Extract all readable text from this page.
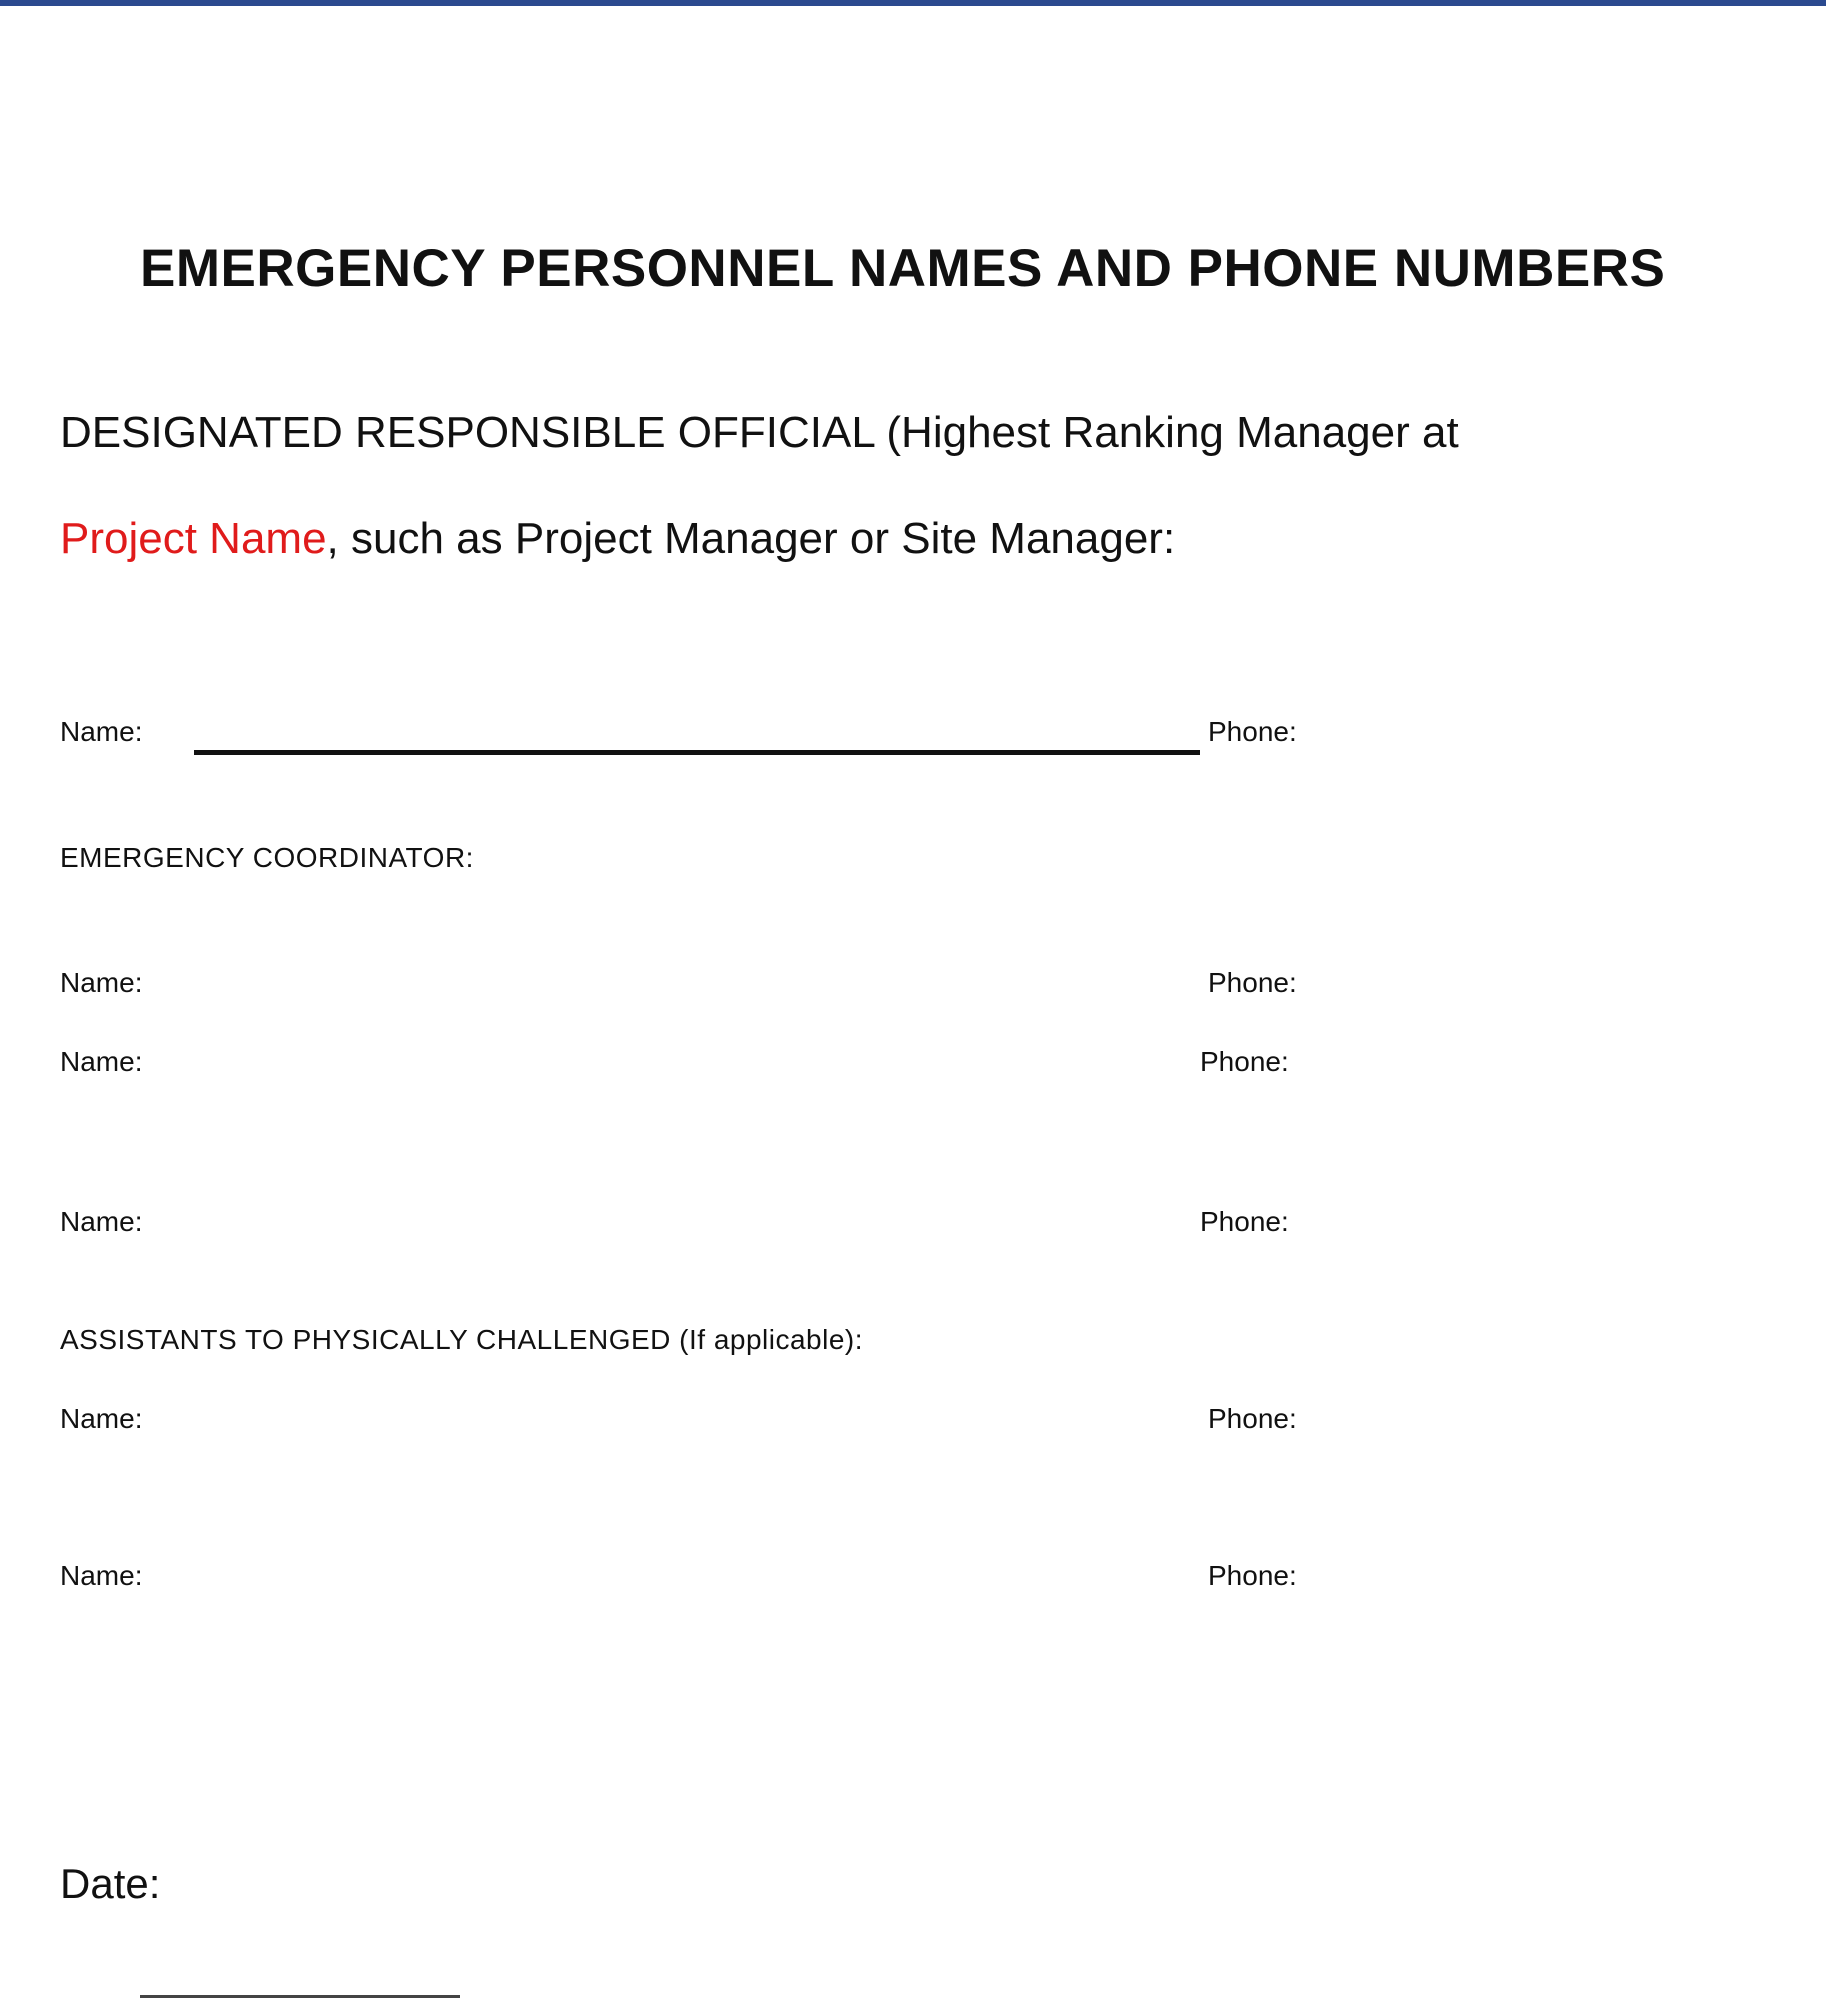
EMERGENCY PERSONNEL NAMES AND PHONE NUMBERS
DESIGNATED RESPONSIBLE OFFICIAL (Highest Ranking Manager at
Project Name, such as Project Manager or Site Manager:
Name:	Phone:
EMERGENCY COORDINATOR:
Name:	Phone:
Name:	Phone:
Name:	Phone:
ASSISTANTS TO PHYSICALLY CHALLENGED (If applicable):
Name:	Phone:
Name:	Phone:
Date:
